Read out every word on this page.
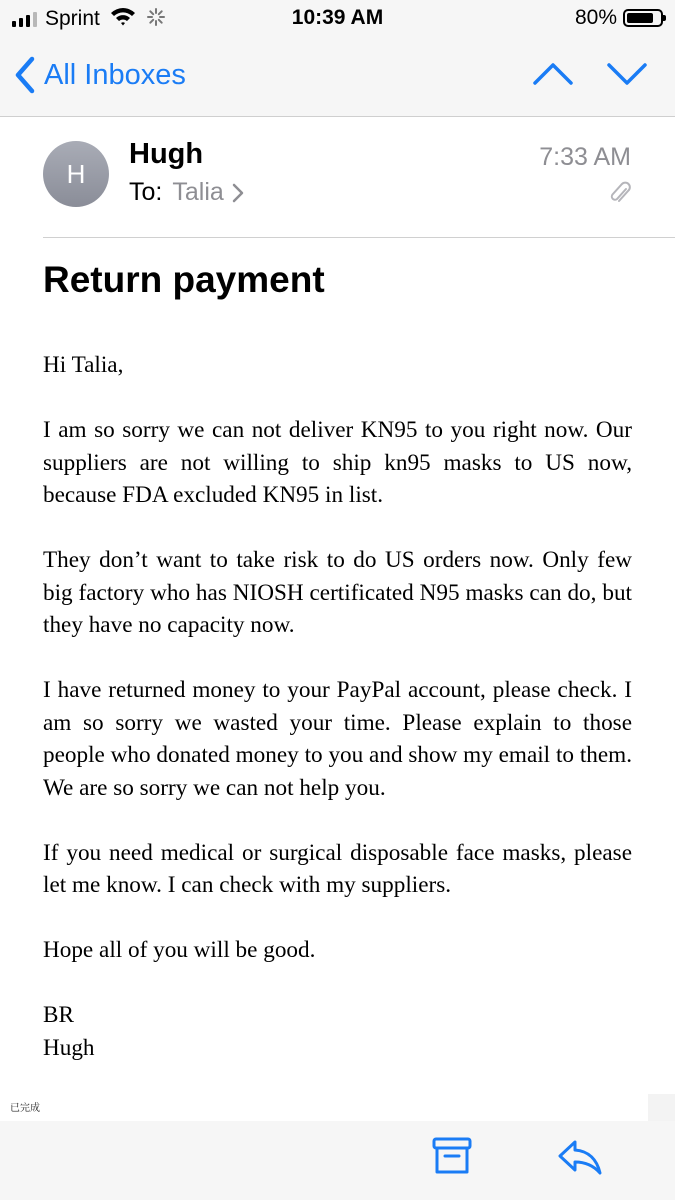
Sprint	10:39 AM	80%
All Inboxes
H
Hugh
To: Talia
7:33 AM
Return payment

Hi Talia,

I am so sorry we can not deliver KN95 to you right now. Our suppliers are not willing to ship kn95 masks to US now, because FDA excluded KN95 in list.

They don’t want to take risk to do US orders now. Only few big factory who has NIOSH certificated N95 masks can do, but they have no capacity now.

I have returned money to your PayPal account, please check. I am so sorry we wasted your time. Please explain to those people who donated money to you and show my email to them. We are so sorry we can not help you.

If you need medical or surgical disposable face masks, please let me know. I can check with my suppliers.

Hope all of you will be good.

BR
Hugh
已完成
